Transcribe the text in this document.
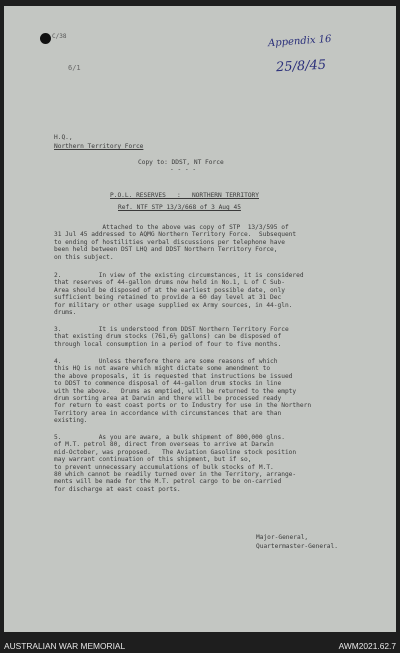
C/38
6/1
Appendix 16
25/8/45
H.Q.,
Northern Territory Force
Copy to: DDST, NT Force
- - - -
P.O.L. RESERVES   :   NORTHERN TERRITORY
Ref. NTF STP 13/3/668 of 3 Aug 45
Attached to the above was copy of STP  13/3/595 of
31 Jul 45 addressed to AQMG Northern Territory Force.  Subsequent
to ending of hostilities verbal discussions per telephone have
been held between DST LHQ and DDST Northern Territory Force,
on this subject.
2.          In view of the existing circumstances, it is considered
that reserves of 44-gallon drums now held in No.1, L of C Sub-
Area should be disposed of at the earliest possible date, only
sufficient being retained to provide a 60 day level at 31 Dec
for military or other usage supplied ex Army sources, in 44-gln.
drums.
3.          It is understood from DDST Northern Territory Force
that existing drum stocks (761,6½ gallons) can be disposed of
through local consumption in a period of four to five months.
4.          Unless therefore there are some reasons of which
this HQ is not aware which might dictate some amendment to
the above proposals, it is requested that instructions be issued
to DDST to commence disposal of 44-gallon drum stocks in line
with the above.   Drums as emptied, will be returned to the empty
drum sorting area at Darwin and there will be processed ready
for return to east coast ports or to Industry for use in the Northern
Territory area in accordance with circumstances that are than
existing.
5.          As you are aware, a bulk shipment of 800,000 glns.
of M.T. petrol 80, direct from overseas to arrive at Darwin
mid-October, was proposed.   The Aviation Gasoline stock position
may warrant continuation of this shipment, but if so,
to prevent unnecessary accumulations of bulk stocks of M.T.
80 which cannot be readily turned over in the Territory, arrange-
ments will be made for the M.T. petrol cargo to be on-carried
for discharge at east coast ports.
Major-General,
Quartermaster-General.
AUSTRALIAN WAR MEMORIAL	AWM2021.62.7
